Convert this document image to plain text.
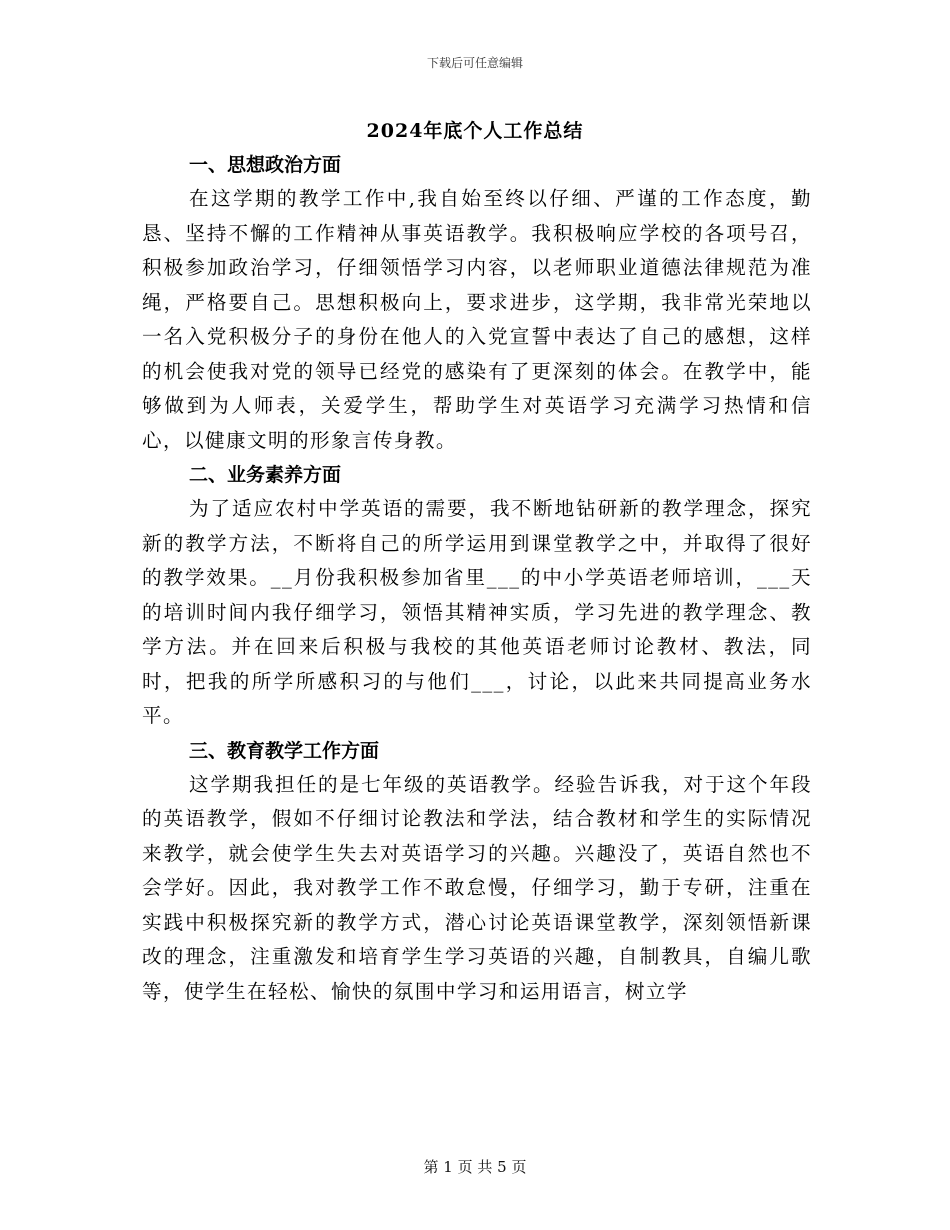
下载后可任意编辑
2024年底个人工作总结
一、思想政治方面

在这学期的教学工作中,我自始至终以仔细、严谨的工作态度，勤恳、坚持不懈的工作精神从事英语教学。我积极响应学校的各项号召，积极参加政治学习，仔细领悟学习内容，以老师职业道德法律规范为准绳，严格要自己。思想积极向上，要求进步，这学期，我非常光荣地以一名入党积极分子的身份在他人的入党宣誓中表达了自己的感想，这样的机会使我对党的领导已经党的感染有了更深刻的体会。在教学中，能够做到为人师表，关爱学生，帮助学生对英语学习充满学习热情和信心，以健康文明的形象言传身教。

二、业务素养方面

为了适应农村中学英语的需要，我不断地钻研新的教学理念，探究新的教学方法，不断将自己的所学运用到课堂教学之中，并取得了很好的教学效果。__月份我积极参加省里___的中小学英语老师培训，___天的培训时间内我仔细学习，领悟其精神实质，学习先进的教学理念、教学方法。并在回来后积极与我校的其他英语老师讨论教材、教法，同时，把我的所学所感积习的与他们___，讨论，以此来共同提高业务水平。

三、教育教学工作方面

这学期我担任的是七年级的英语教学。经验告诉我，对于这个年段的英语教学，假如不仔细讨论教法和学法，结合教材和学生的实际情况来教学，就会使学生失去对英语学习的兴趣。兴趣没了，英语自然也不会学好。因此，我对教学工作不敢怠慢，仔细学习，勤于专研，注重在实践中积极探究新的教学方式，潜心讨论英语课堂教学，深刻领悟新课改的理念，注重激发和培育学生学习英语的兴趣，自制教具，自编儿歌等，使学生在轻松、愉快的氛围中学习和运用语言，树立学

第 1 页 共 5 页
